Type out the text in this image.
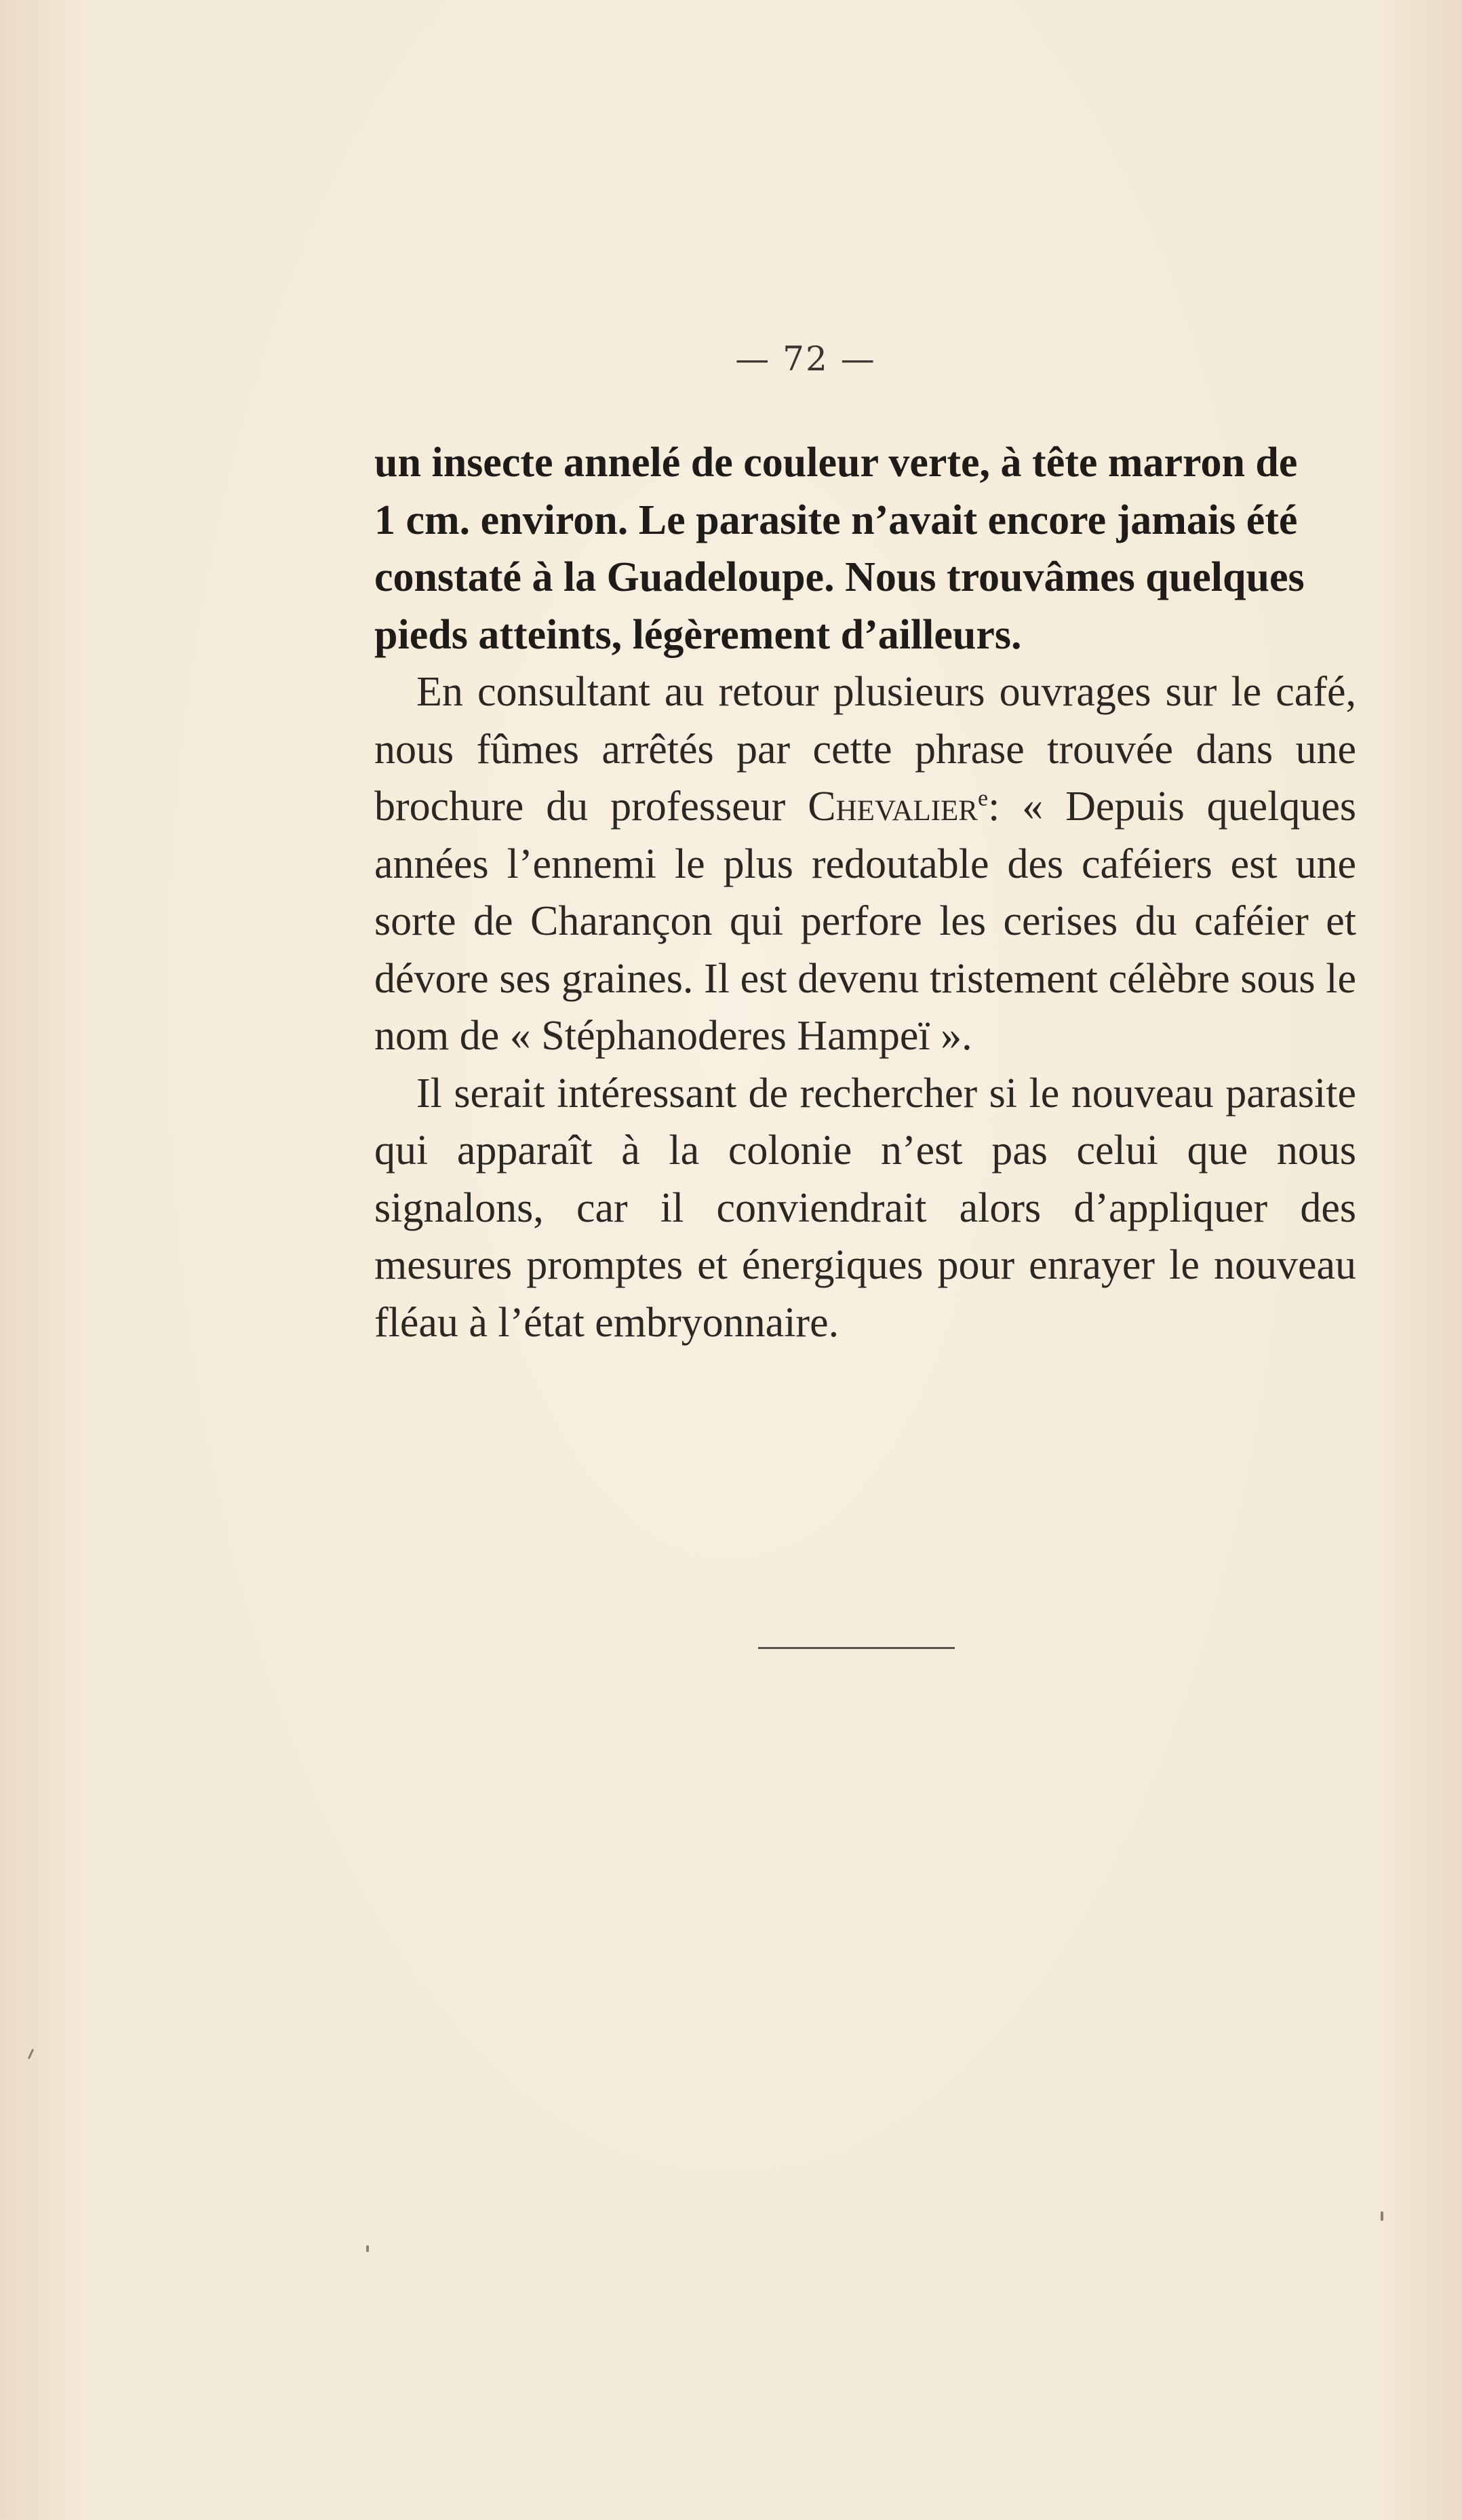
— 72 —

un insecte annelé de couleur verte, à tête marron de
1 cm. environ. Le parasite n’avait encore jamais été
constaté à la Guadeloupe. Nous trouvâmes quelques
pieds atteints, légèrement d’ailleurs.

En consultant au retour plusieurs ouvrages sur le café, nous fûmes arrêtés par cette phrase trouvée dans une brochure du professeur Chevalier$^e$: « Depuis quelques années l’ennemi le plus redoutable des caféiers est une sorte de Charançon qui perfore les cerises du caféier et dévore ses graines. Il est devenu tristement célèbre sous le nom de « Stéphanoderes Hampeï ».

Il serait intéressant de rechercher si le nouveau parasite qui apparaît à la colonie n’est pas celui que nous signalons, car il conviendrait alors d’appliquer des mesures promptes et énergiques pour enrayer le nouveau fléau à l’état embryonnaire.
